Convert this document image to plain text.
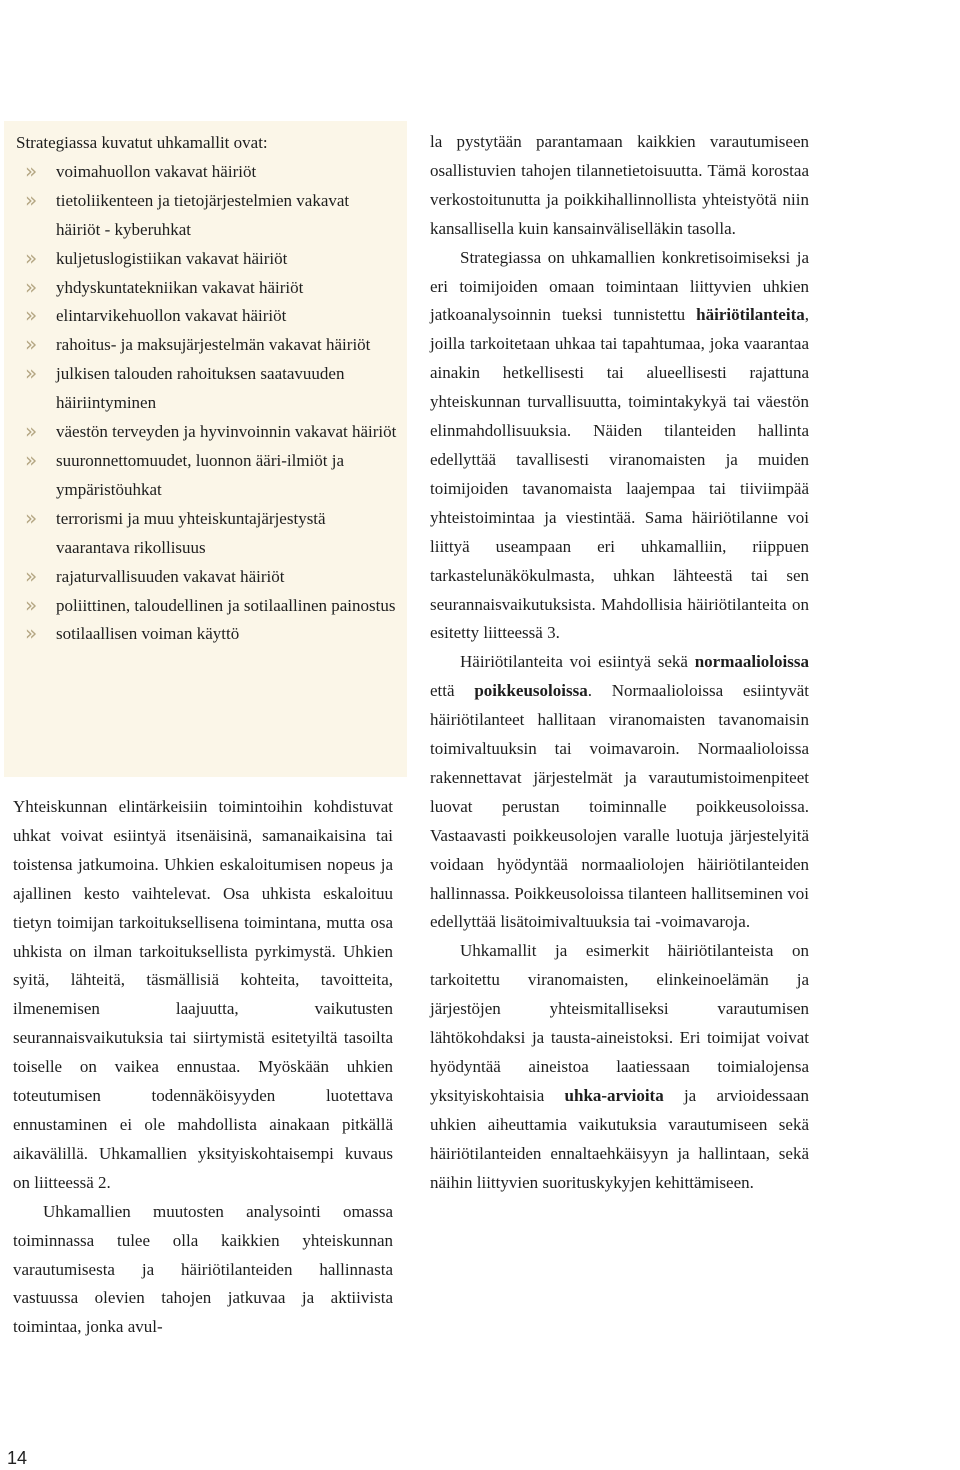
Strategiassa kuvatut uhkamallit ovat:

» voimahuollon vakavat häiriöt
» tietoliikenteen ja tietojärjestelmien vakavat häiriöt - kyberuhkat
» kuljetuslogistiikan vakavat häiriöt
» yhdyskuntatekniikan vakavat häiriöt
» elintarvikehuollon vakavat häiriöt
» rahoitus- ja maksujärjestelmän vakavat häiriöt
» julkisen talouden rahoituksen saatavuuden häiriintyminen
» väestön terveyden ja hyvinvoinnin vakavat häiriöt
» suuronnettomuudet, luonnon ääri-ilmiöt ja ympäristöuhkat
» terrorismi ja muu yhteiskuntajärjestystä vaarantava rikollisuus
» rajaturvallisuuden vakavat häiriöt
» poliittinen, taloudellinen ja sotilaallinen painostus
» sotilaallisen voiman käyttö

Yhteiskunnan elintärkeisiin toimintoihin kohdistuvat uhkat voivat esiintyä itsenäisinä, samanaikaisina tai toistensa jatkumoina. Uhkien eskaloitumisen nopeus ja ajallinen kesto vaihtelevat. Osa uhkista eskaloituu tietyn toimijan tarkoituksellisena toimintana, mutta osa uhkista on ilman tarkoituksellista pyrkimystä. Uhkien syitä, lähteitä, täsmällisiä kohteita, tavoitteita, ilmenemisen laajuutta, vaikutusten seurannaisvaikutuksia tai siirtymistä esitetyiltä tasoilta toiselle on vaikea ennustaa. Myöskään uhkien toteutumisen todennäköisyyden luotettava ennustaminen ei ole mahdollista ainakaan pitkällä aikavälillä. Uhkamallien yksityiskohtaisempi kuvaus on liitteessä 2.

Uhkamallien muutosten analysointi omassa toiminnassa tulee olla kaikkien yhteiskunnan varautumisesta ja häiriötilanteiden hallinnasta vastuussa olevien tahojen jatkuvaa ja aktiivista toimintaa, jonka avul-

la pystytään parantamaan kaikkien varautumiseen osallistuvien tahojen tilannetietoisuutta. Tämä korostaa verkostoitunutta ja poikkihallinnollista yhteistyötä niin kansallisella kuin kansainväliselläkin tasolla.

Strategiassa on uhkamallien konkretisoimiseksi ja eri toimijoiden omaan toimintaan liittyvien uhkien jatkoanalysoinnin tueksi tunnistettu häiriötilanteita, joilla tarkoitetaan uhkaa tai tapahtumaa, joka vaarantaa ainakin hetkellisesti tai alueellisesti rajattuna yhteiskunnan turvallisuutta, toimintakykyä tai väestön elinmahdollisuuksia. Näiden tilanteiden hallinta edellyttää tavallisesti viranomaisten ja muiden toimijoiden tavanomaista laajempaa tai tiiviimpää yhteistoimintaa ja viestintää. Sama häiriötilanne voi liittyä useampaan eri uhkamalliin, riippuen tarkastelunäkökulmasta, uhkan lähteestä tai sen seurannaisvaikutuksista. Mahdollisia häiriötilanteita on esitetty liitteessä 3.

Häiriötilanteita voi esiintyä sekä normaalioloissa että poikkeusoloissa. Normaalioloissa esiintyvät häiriötilanteet hallitaan viranomaisten tavanomaisin toimivaltuuksin tai voimavaroin. Normaalioloissa rakennettavat järjestelmät ja varautumistoimenpiteet luovat perustan toiminnalle poikkeusoloissa. Vastaavasti poikkeusolojen varalle luotuja järjestelyitä voidaan hyödyntää normaaliolojen häiriötilanteiden hallinnassa. Poikkeusoloissa tilanteen hallitseminen voi edellyttää lisätoimivaltuuksia tai -voimavaroja.

Uhkamallit ja esimerkit häiriötilanteista on tarkoitettu viranomaisten, elinkeinoelämän ja järjestöjen yhteismitalliseksi varautumisen lähtökohdaksi ja tausta-aineistoksi. Eri toimijat voivat hyödyntää aineistoa laatiessaan toimialojensa yksityiskohtaisia uhka-arvioita ja arvioidessaan uhkien aiheuttamia vaikutuksia varautumiseen sekä häiriötilanteiden ennaltaehkäisyyn ja hallintaan, sekä näihin liittyvien suorituskykyjen kehittämiseen.

14
